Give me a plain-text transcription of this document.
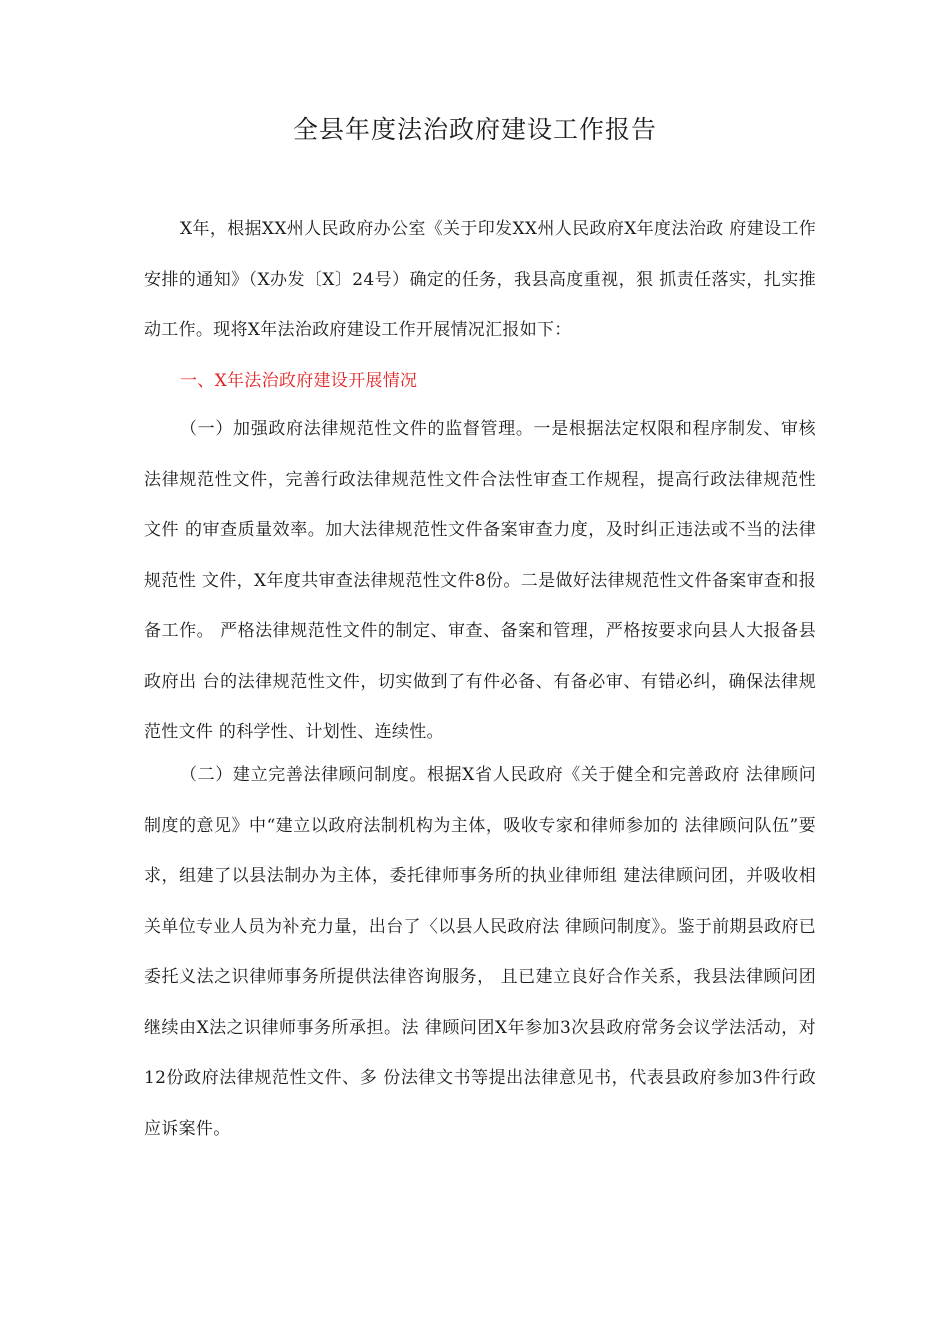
全县年度法治政府建设工作报告

X年，根据XX州人民政府办公室《关于印发XX州人民政府X年度法治政 府建设工作安排的通知》（X办发〔X〕24号）确定的任务，我县高度重视，狠 抓责任落实，扎实推动工作。现将X年法治政府建设工作开展情况汇报如下：

一、X年法治政府建设开展情况

（一）加强政府法律规范性文件的监督管理。一是根据法定权限和程序制发、审核法律规范性文件，完善行政法律规范性文件合法性审查工作规程，提高行政法律规范性文件 的审查质量效率。加大法律规范性文件备案审查力度，及时纠正违法或不当的法律规范性 文件，X年度共审查法律规范性文件8份。二是做好法律规范性文件备案审查和报备工作。 严格法律规范性文件的制定、审查、备案和管理，严格按要求向县人大报备县政府出 台的法律规范性文件，切实做到了有件必备、有备必审、有错必纠，确保法律规范性文件 的科学性、计划性、连续性。

（二）建立完善法律顾问制度。根据X省人民政府《关于健全和完善政府 法律顾问制度的意见》中“建立以政府法制机构为主体，吸收专家和律师参加的 法律顾问队伍”要求，组建了以县法制办为主体，委托律师事务所的执业律师组 建法律顾问团，并吸收相关单位专业人员为补充力量，出台了〈以县人民政府法 律顾问制度》。鉴于前期县政府已委托义法之识律师事务所提供法律咨询服务， 且已建立良好合作关系，我县法律顾问团继续由X法之识律师事务所承担。法 律顾问团X年参加3次县政府常务会议学法活动，对12份政府法律规范性文件、多 份法律文书等提出法律意见书，代表县政府参加3件行政应诉案件。
